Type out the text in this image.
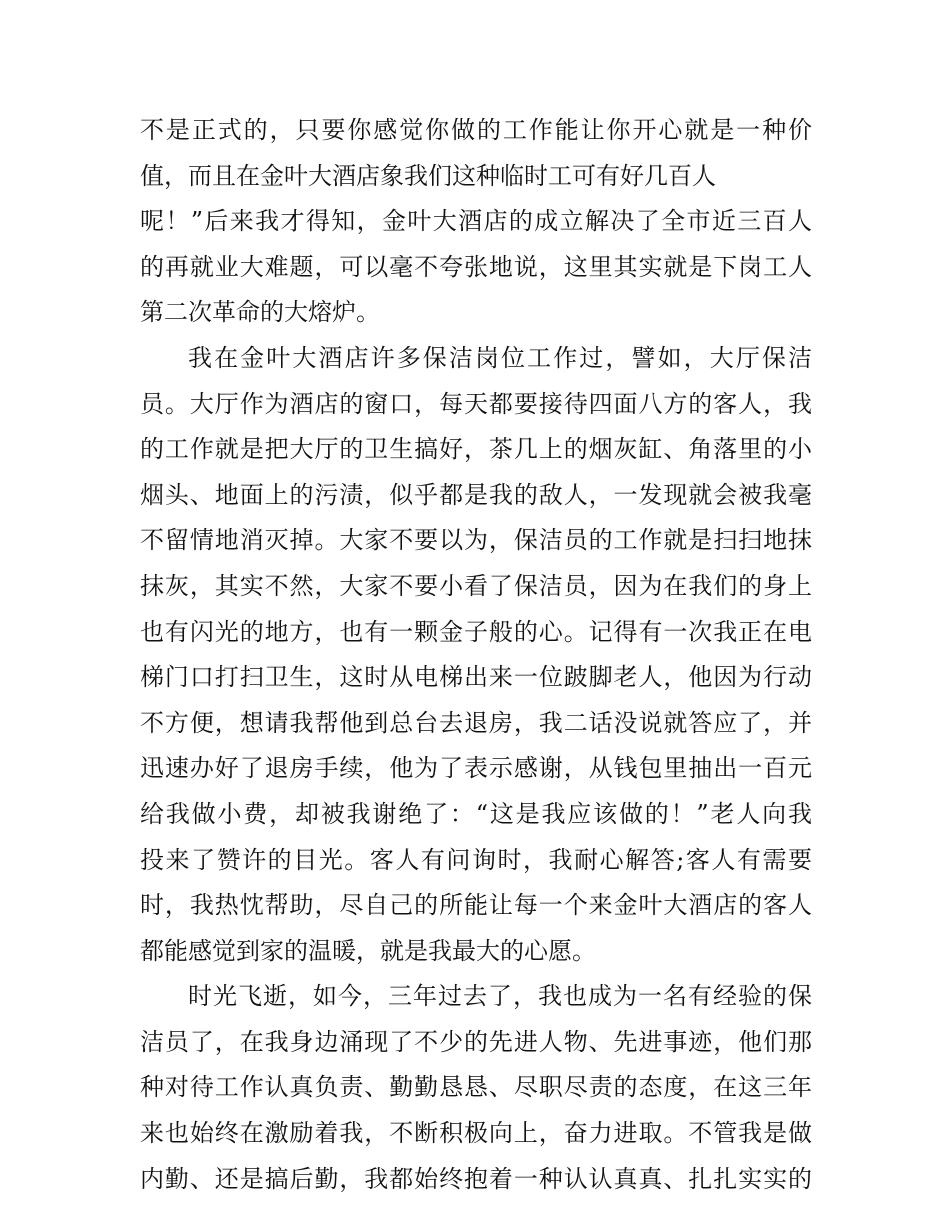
不是正式的，只要你感觉你做的工作能让你开心就是一种价
值，而且在金叶大酒店象我们这种临时工可有好几百人
呢！”后来我才得知，金叶大酒店的成立解决了全市近三百人
的再就业大难题，可以毫不夸张地说，这里其实就是下岗工人
第二次革命的大熔炉。
我在金叶大酒店许多保洁岗位工作过，譬如，大厅保洁
员。大厅作为酒店的窗口，每天都要接待四面八方的客人，我
的工作就是把大厅的卫生搞好，茶几上的烟灰缸、角落里的小
烟头、地面上的污渍，似乎都是我的敌人，一发现就会被我毫
不留情地消灭掉。大家不要以为，保洁员的工作就是扫扫地抹
抹灰，其实不然，大家不要小看了保洁员，因为在我们的身上
也有闪光的地方，也有一颗金子般的心。记得有一次我正在电
梯门口打扫卫生，这时从电梯出来一位跛脚老人，他因为行动
不方便，想请我帮他到总台去退房，我二话没说就答应了，并
迅速办好了退房手续，他为了表示感谢，从钱包里抽出一百元
给我做小费，却被我谢绝了：“这是我应该做的！”老人向我
投来了赞许的目光。客人有问询时，我耐心解答;客人有需要
时，我热忱帮助，尽自己的所能让每一个来金叶大酒店的客人
都能感觉到家的温暖，就是我最大的心愿。
时光飞逝，如今，三年过去了，我也成为一名有经验的保
洁员了，在我身边涌现了不少的先进人物、先进事迹，他们那
种对待工作认真负责、勤勤恳恳、尽职尽责的态度，在这三年
来也始终在激励着我，不断积极向上，奋力进取。不管我是做
内勤、还是搞后勤，我都始终抱着一种认认真真、扎扎实实的
